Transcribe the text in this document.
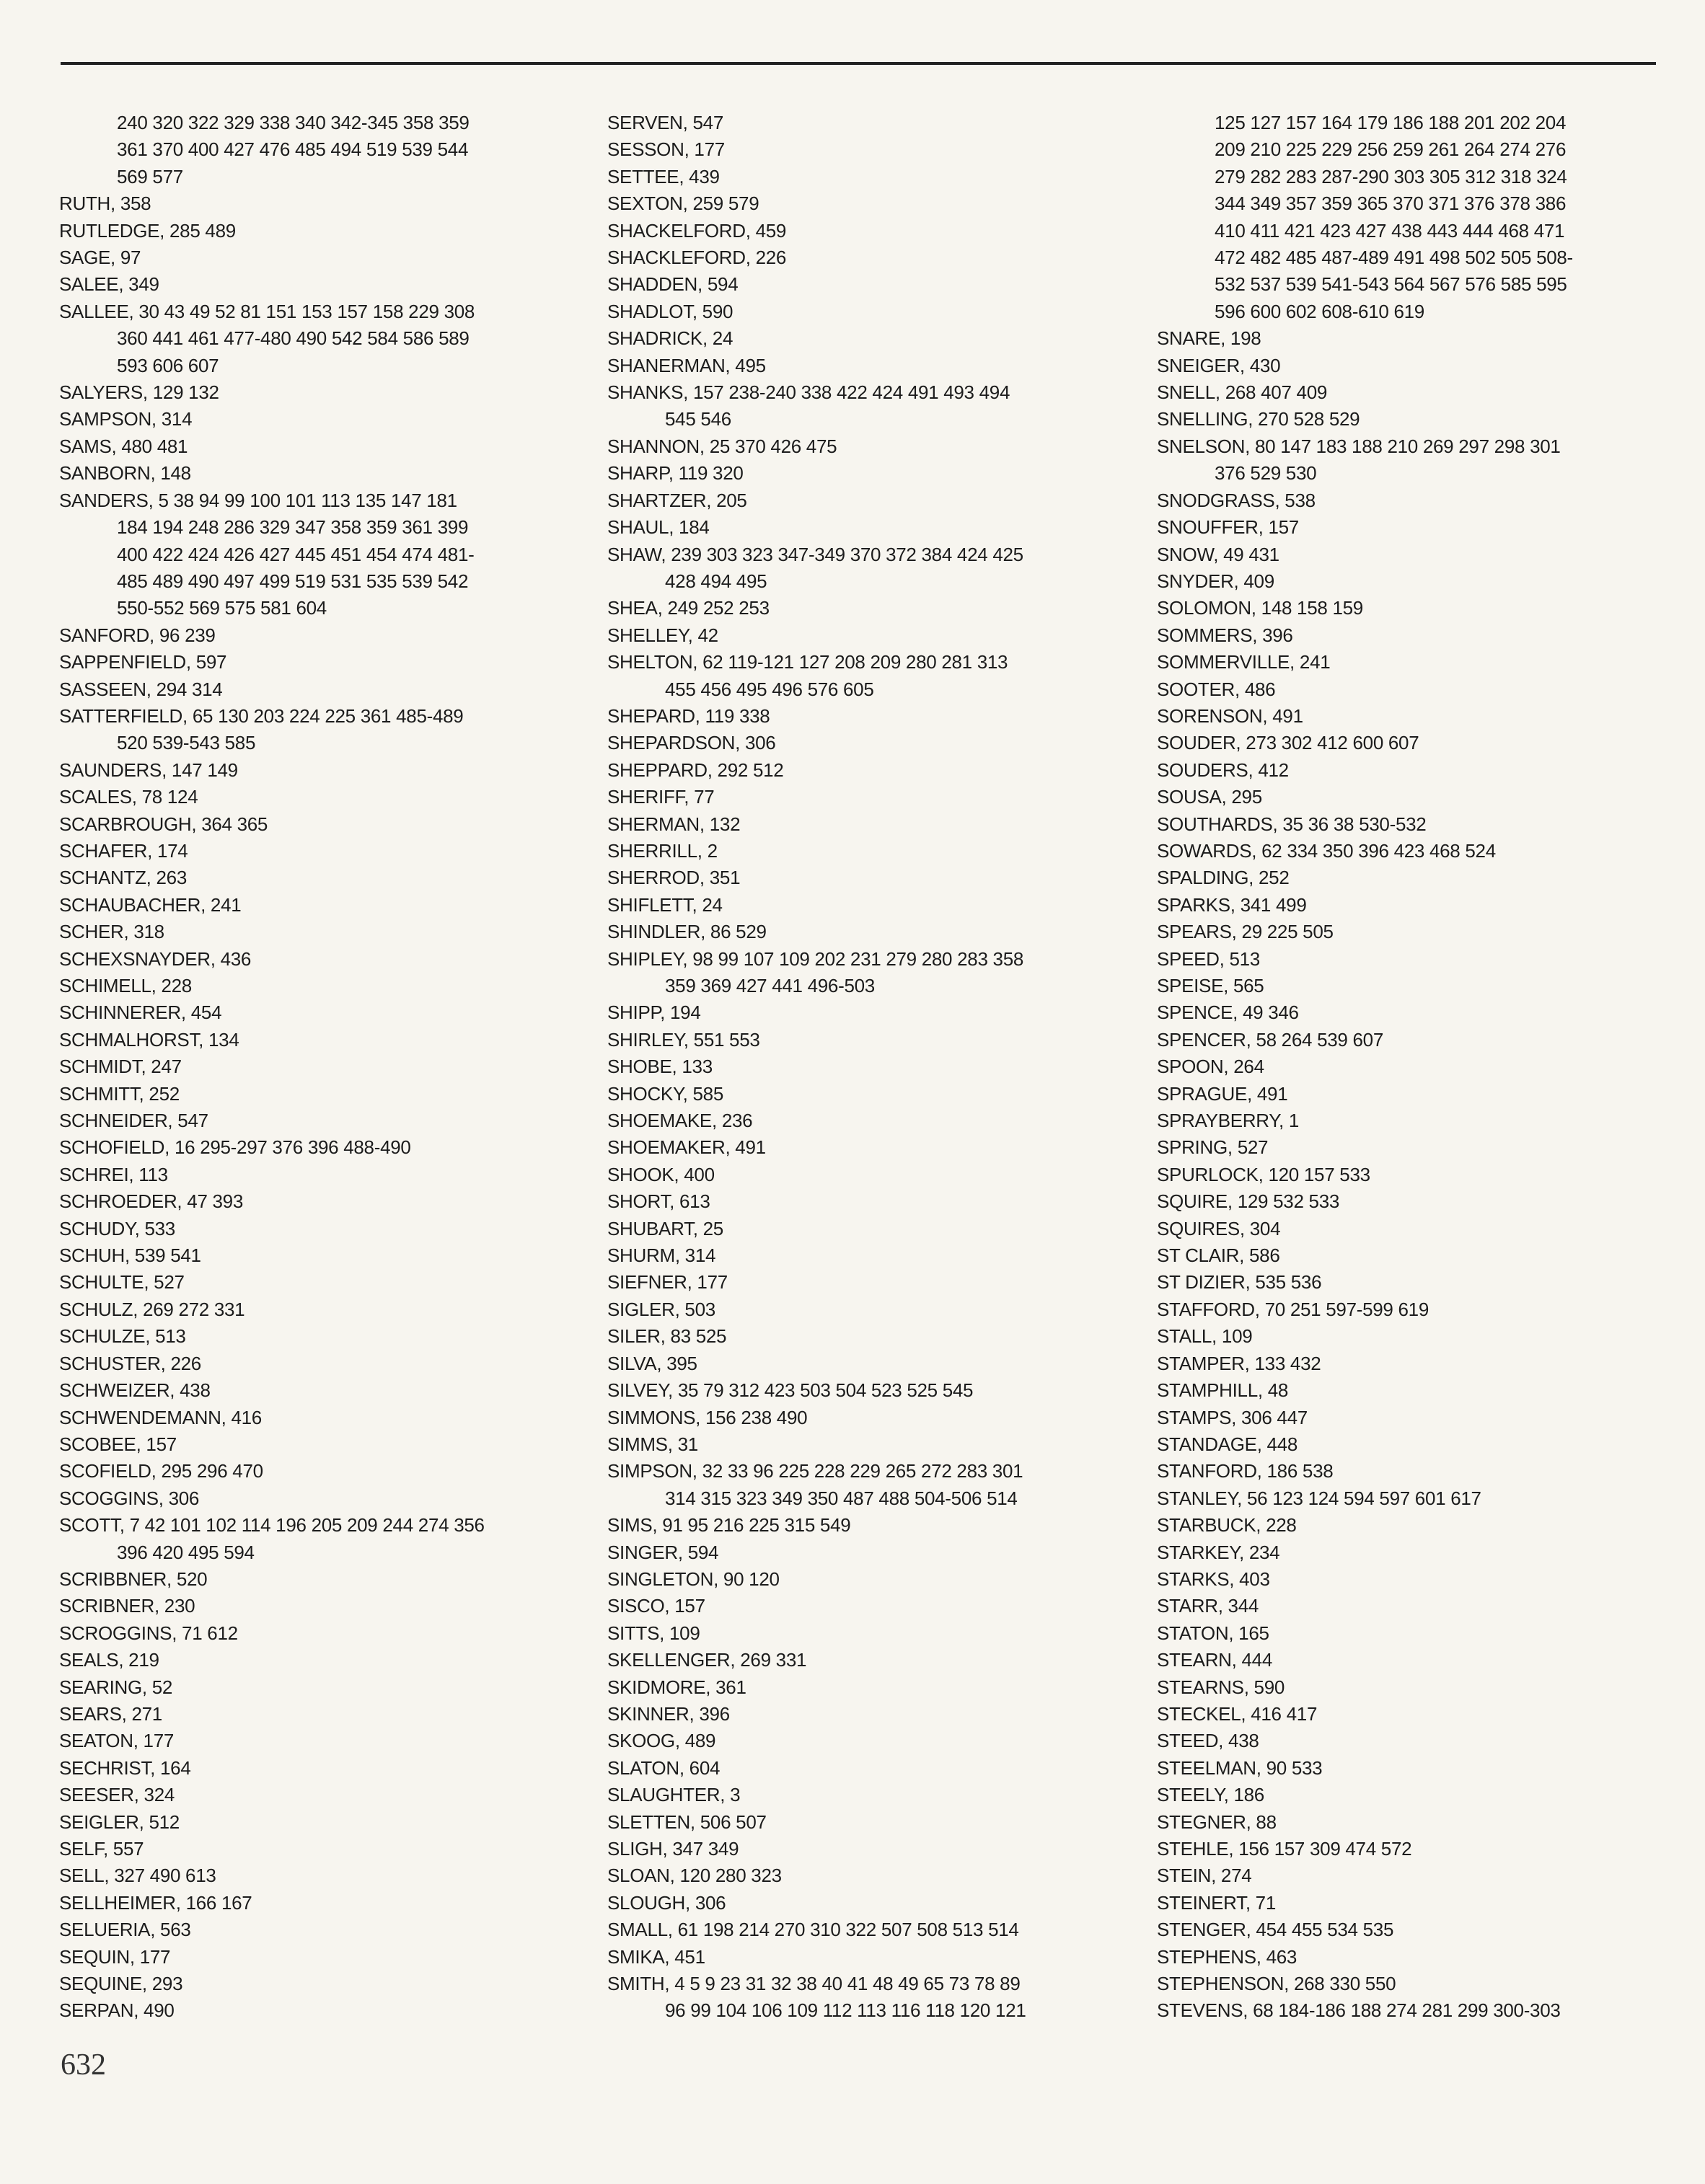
240 320 322 329 338 340 342-345 358 359
361 370 400 427 476 485 494 519 539 544
569 577
RUTH, 358
RUTLEDGE, 285 489
SAGE, 97
SALEE, 349
SALLEE, 30 43 49 52 81 151 153 157 158 229 308
360 441 461 477-480 490 542 584 586 589
593 606 607
SALYERS, 129 132
SAMPSON, 314
SAMS, 480 481
SANBORN, 148
SANDERS, 5 38 94 99 100 101 113 135 147 181
184 194 248 286 329 347 358 359 361 399
400 422 424 426 427 445 451 454 474 481-
485 489 490 497 499 519 531 535 539 542
550-552 569 575 581 604
SANFORD, 96 239
SAPPENFIELD, 597
SASSEEN, 294 314
SATTERFIELD, 65 130 203 224 225 361 485-489
520 539-543 585
SAUNDERS, 147 149
SCALES, 78 124
SCARBROUGH, 364 365
SCHAFER, 174
SCHANTZ, 263
SCHAUBACHER, 241
SCHER, 318
SCHEXSNAYDER, 436
SCHIMELL, 228
SCHINNERER, 454
SCHMALHORST, 134
SCHMIDT, 247
SCHMITT, 252
SCHNEIDER, 547
SCHOFIELD, 16 295-297 376 396 488-490
SCHREI, 113
SCHROEDER, 47 393
SCHUDY, 533
SCHUH, 539 541
SCHULTE, 527
SCHULZ, 269 272 331
SCHULZE, 513
SCHUSTER, 226
SCHWEIZER, 438
SCHWENDEMANN, 416
SCOBEE, 157
SCOFIELD, 295 296 470
SCOGGINS, 306
SCOTT, 7 42 101 102 114 196 205 209 244 274 356
396 420 495 594
SCRIBBNER, 520
SCRIBNER, 230
SCROGGINS, 71 612
SEALS, 219
SEARING, 52
SEARS, 271
SEATON, 177
SECHRIST, 164
SEESER, 324
SEIGLER, 512
SELF, 557
SELL, 327 490 613
SELLHEIMER, 166 167
SELUERIA, 563
SEQUIN, 177
SEQUINE, 293
SERPAN, 490
SERVEN, 547
SESSON, 177
SETTEE, 439
SEXTON, 259 579
SHACKELFORD, 459
SHACKLEFORD, 226
SHADDEN, 594
SHADLOT, 590
SHADRICK, 24
SHANERMAN, 495
SHANKS, 157 238-240 338 422 424 491 493 494
545 546
SHANNON, 25 370 426 475
SHARP, 119 320
SHARTZER, 205
SHAUL, 184
SHAW, 239 303 323 347-349 370 372 384 424 425
428 494 495
SHEA, 249 252 253
SHELLEY, 42
SHELTON, 62 119-121 127 208 209 280 281 313
455 456 495 496 576 605
SHEPARD, 119 338
SHEPARDSON, 306
SHEPPARD, 292 512
SHERIFF, 77
SHERMAN, 132
SHERRILL, 2
SHERROD, 351
SHIFLETT, 24
SHINDLER, 86 529
SHIPLEY, 98 99 107 109 202 231 279 280 283 358
359 369 427 441 496-503
SHIPP, 194
SHIRLEY, 551 553
SHOBE, 133
SHOCKY, 585
SHOEMAKE, 236
SHOEMAKER, 491
SHOOK, 400
SHORT, 613
SHUBART, 25
SHURM, 314
SIEFNER, 177
SIGLER, 503
SILER, 83 525
SILVA, 395
SILVEY, 35 79 312 423 503 504 523 525 545
SIMMONS, 156 238 490
SIMMS, 31
SIMPSON, 32 33 96 225 228 229 265 272 283 301
314 315 323 349 350 487 488 504-506 514
SIMS, 91 95 216 225 315 549
SINGER, 594
SINGLETON, 90 120
SISCO, 157
SITTS, 109
SKELLENGER, 269 331
SKIDMORE, 361
SKINNER, 396
SKOOG, 489
SLATON, 604
SLAUGHTER, 3
SLETTEN, 506 507
SLIGH, 347 349
SLOAN, 120 280 323
SLOUGH, 306
SMALL, 61 198 214 270 310 322 507 508 513 514
SMIKA, 451
SMITH, 4 5 9 23 31 32 38 40 41 48 49 65 73 78 89
96 99 104 106 109 112 113 116 118 120 121
125 127 157 164 179 186 188 201 202 204
209 210 225 229 256 259 261 264 274 276
279 282 283 287-290 303 305 312 318 324
344 349 357 359 365 370 371 376 378 386
410 411 421 423 427 438 443 444 468 471
472 482 485 487-489 491 498 502 505 508-
532 537 539 541-543 564 567 576 585 595
596 600 602 608-610 619
SNARE, 198
SNEIGER, 430
SNELL, 268 407 409
SNELLING, 270 528 529
SNELSON, 80 147 183 188 210 269 297 298 301
376 529 530
SNODGRASS, 538
SNOUFFER, 157
SNOW, 49 431
SNYDER, 409
SOLOMON, 148 158 159
SOMMERS, 396
SOMMERVILLE, 241
SOOTER, 486
SORENSON, 491
SOUDER, 273 302 412 600 607
SOUDERS, 412
SOUSA, 295
SOUTHARDS, 35 36 38 530-532
SOWARDS, 62 334 350 396 423 468 524
SPALDING, 252
SPARKS, 341 499
SPEARS, 29 225 505
SPEED, 513
SPEISE, 565
SPENCE, 49 346
SPENCER, 58 264 539 607
SPOON, 264
SPRAGUE, 491
SPRAYBERRY, 1
SPRING, 527
SPURLOCK, 120 157 533
SQUIRE, 129 532 533
SQUIRES, 304
ST CLAIR, 586
ST DIZIER, 535 536
STAFFORD, 70 251 597-599 619
STALL, 109
STAMPER, 133 432
STAMPHILL, 48
STAMPS, 306 447
STANDAGE, 448
STANFORD, 186 538
STANLEY, 56 123 124 594 597 601 617
STARBUCK, 228
STARKEY, 234
STARKS, 403
STARR, 344
STATON, 165
STEARN, 444
STEARNS, 590
STECKEL, 416 417
STEED, 438
STEELMAN, 90 533
STEELY, 186
STEGNER, 88
STEHLE, 156 157 309 474 572
STEIN, 274
STEINERT, 71
STENGER, 454 455 534 535
STEPHENS, 463
STEPHENSON, 268 330 550
STEVENS, 68 184-186 188 274 281 299 300-303
632
